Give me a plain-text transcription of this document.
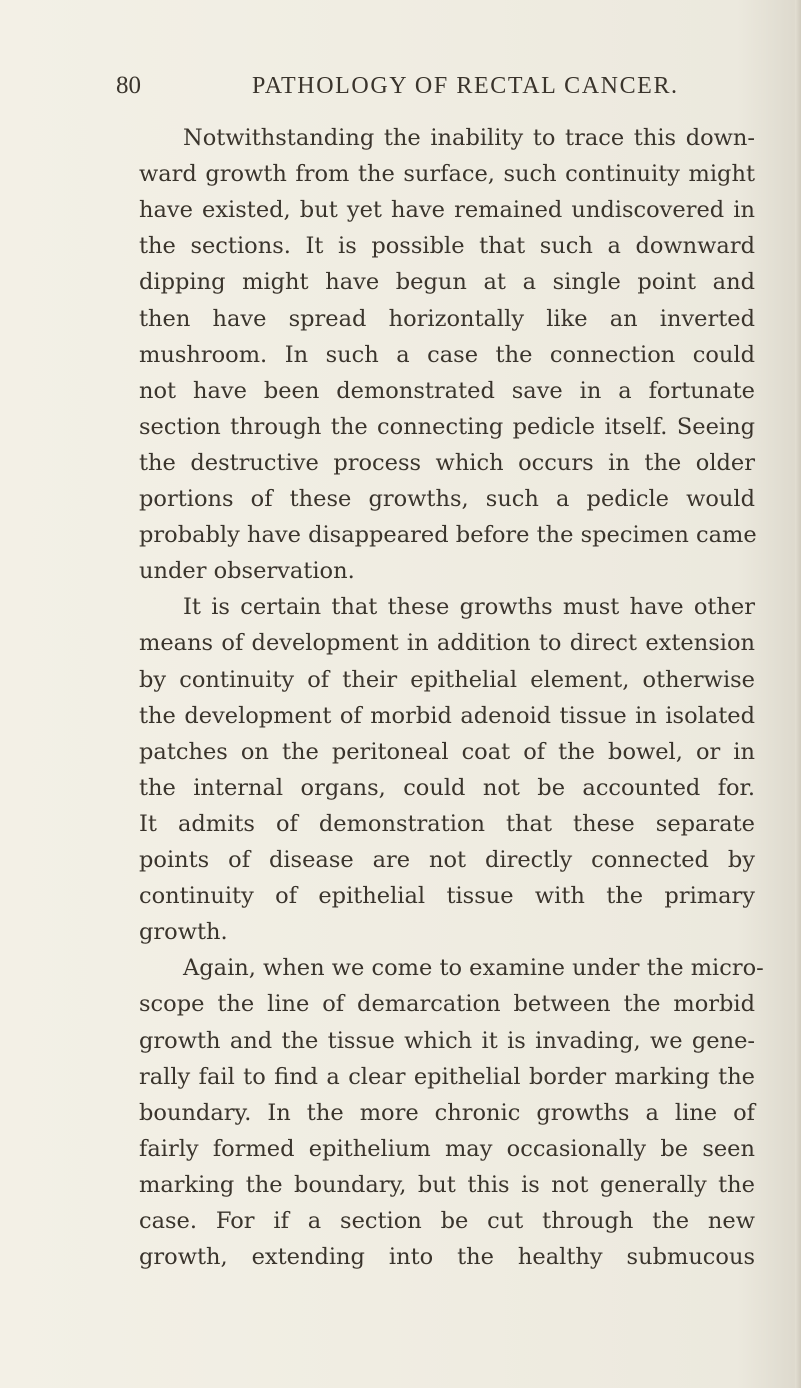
80	PATHOLOGY OF RECTAL CANCER.
Notwithstanding the inability to trace this down-
ward growth from the surface, such continuity might
have existed, but yet have remained undiscovered in
the sections. It is possible that such a downward
dipping might have begun at a single point and
then have spread horizontally like an inverted
mushroom. In such a case the connection could
not have been demonstrated save in a fortunate
section through the connecting pedicle itself. Seeing
the destructive process which occurs in the older
portions of these growths, such a pedicle would
probably have disappeared before the specimen came
under observation.
It is certain that these growths must have other
means of development in addition to direct extension
by continuity of their epithelial element, otherwise
the development of morbid adenoid tissue in isolated
patches on the peritoneal coat of the bowel, or in
the internal organs, could not be accounted for.
It admits of demonstration that these separate
points of disease are not directly connected by
continuity of epithelial tissue with the primary
growth.
Again, when we come to examine under the micro-
scope the line of demarcation between the morbid
growth and the tissue which it is invading, we gene-
rally fail to find a clear epithelial border marking the
boundary. In the more chronic growths a line of
fairly formed epithelium may occasionally be seen
marking the boundary, but this is not generally the
case. For if a section be cut through the new
growth, extending into the healthy submucous
